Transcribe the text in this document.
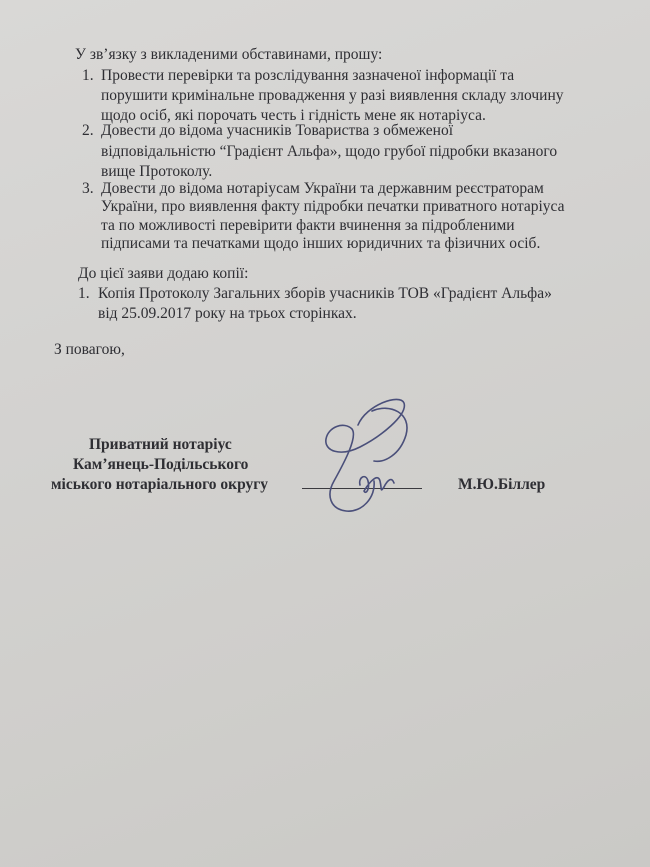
У зв’язку з викладеними обставинами, прошу:
1. Провести перевірки та розслідування зазначеної інформації та
порушити кримінальне провадження у разі виявлення складу злочину
щодо осіб, які порочать честь і гідність мене як нотаріуса.
2. Довести до відома учасників Товариства з обмеженої
відповідальністю “Градієнт Альфа», щодо грубої підробки вказаного
вище Протоколу.
3. Довести до відома нотаріусам України та державним реєстраторам
України, про виявлення факту підробки печатки приватного нотаріуса
та по можливості перевірити факти вчинення за підробленими
підписами та печатками щодо інших юридичних та фізичних осіб.
До цієї заяви додаю копії:
1. Копія Протоколу Загальних зборів учасників ТОВ «Градієнт Альфа»
від 25.09.2017 року на трьох сторінках.
З повагою,
Приватний нотаріус
Кам’янець-Подільського
міського нотаріального округу	М.Ю.Біллер
